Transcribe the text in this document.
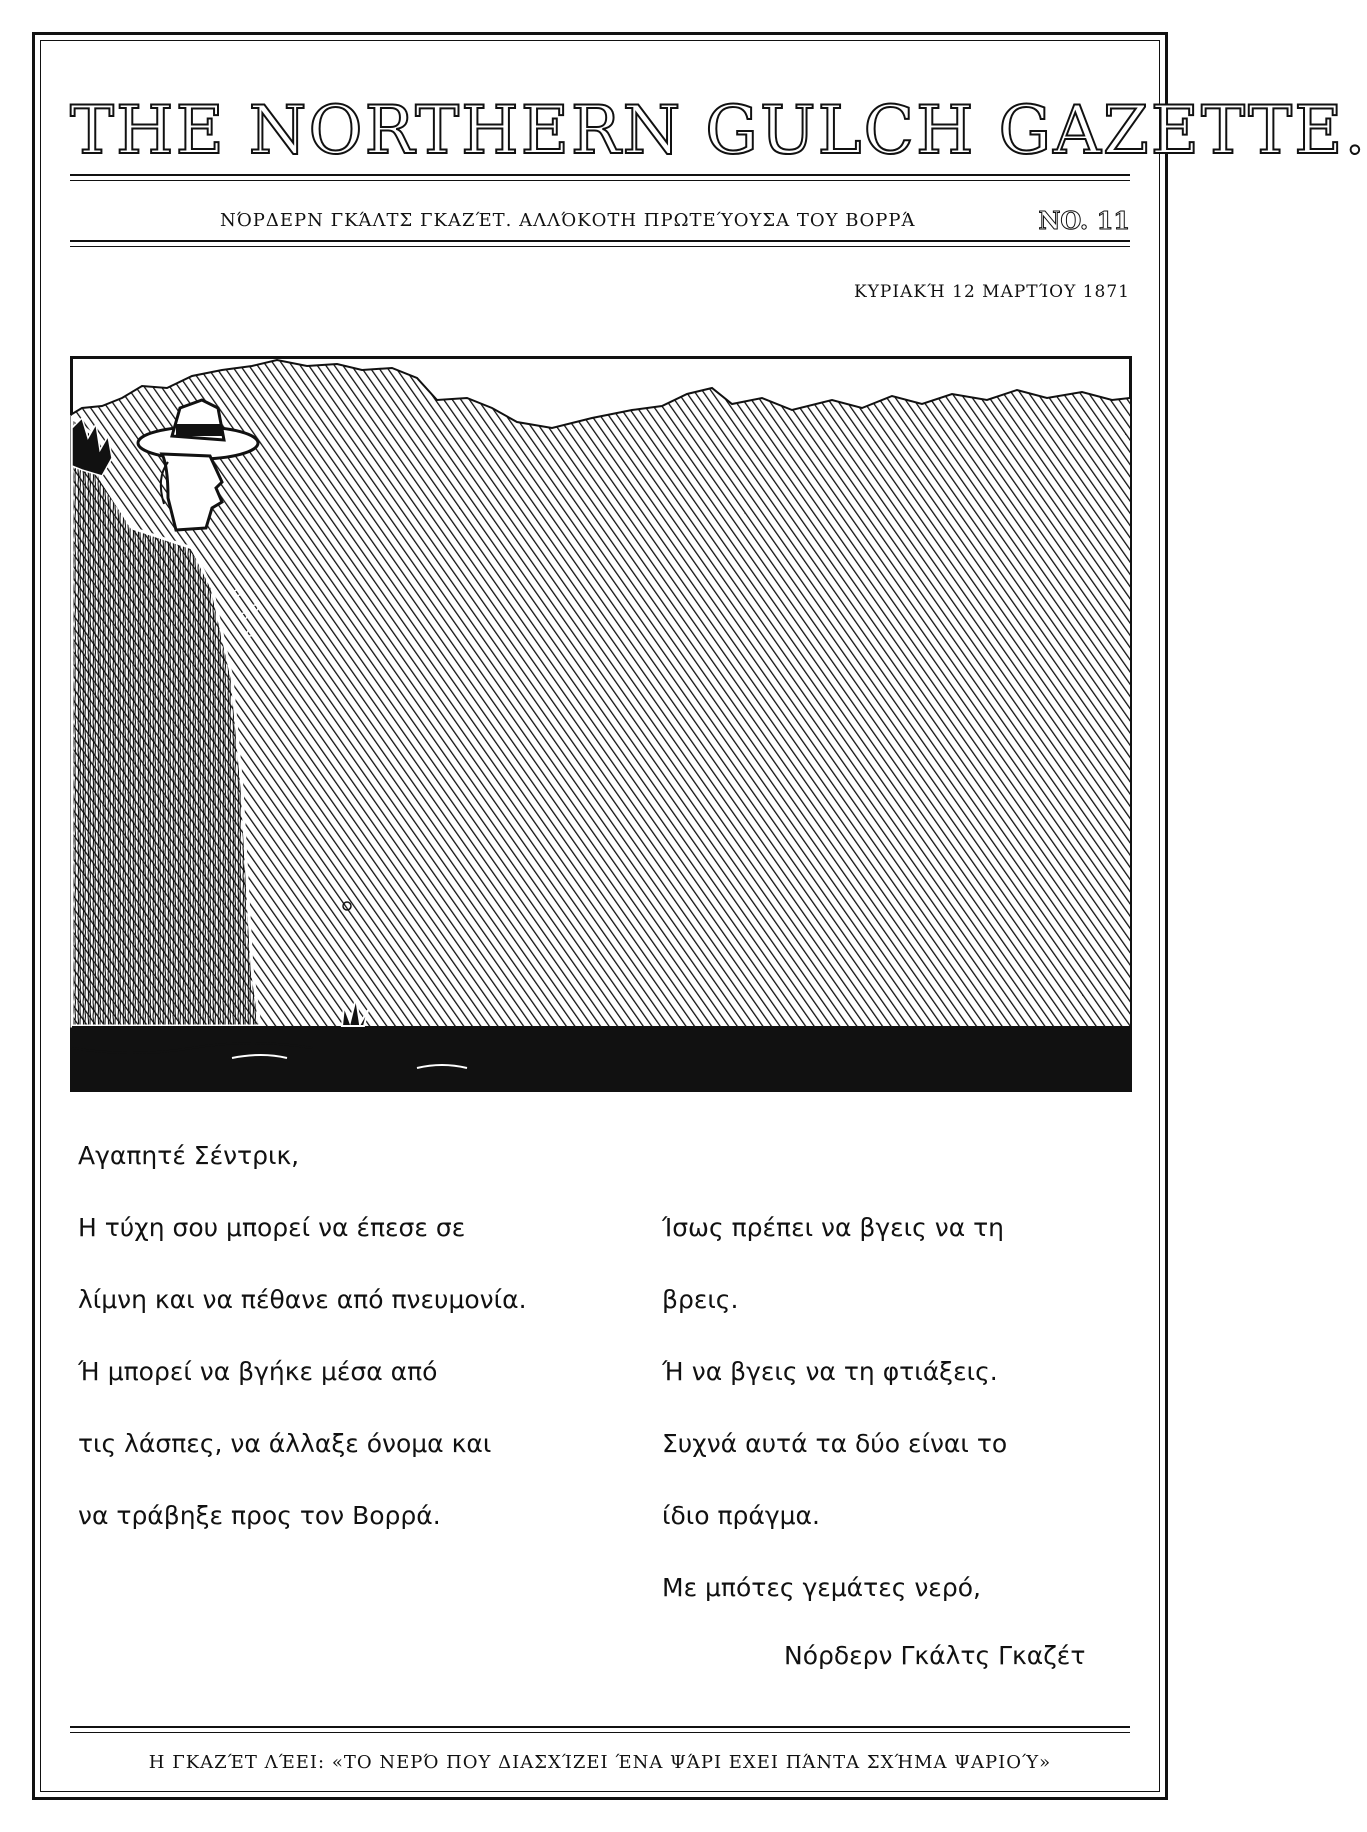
THE NORTHERN GULCH GAZETTE.
ΝΌΡΔΕΡΝ ΓΚΆΛΤΣ ΓΚΑΖΈΤ. ΑΛΛΌΚΟΤΗ ΠΡΩΤΕΎΟΥΣΑ ΤΟΥ ΒΟΡΡΆ	NO. 11
ΚΥΡΙΑΚΉ 12 ΜΑΡΤΊΟΥ 1871
Αγαπητέ Σέντρικ,
Η τύχη σου μπορεί να έπεσε σε
λίμνη και να πέθανε από πνευμονία.
Ή μπορεί να βγήκε μέσα από
τις λάσπες, να άλλαξε όνομα και
να τράβηξε προς τον Βορρά.
Ίσως πρέπει να βγεις να τη
βρεις.
Ή να βγεις να τη φτιάξεις.
Συχνά αυτά τα δύο είναι το
ίδιο πράγμα.
Με μπότες γεμάτες νερό,
Νόρδερν Γκάλτς Γκαζέτ
Η ΓΚΑΖΈΤ ΛΈΕΙ: «ΤΟ ΝΕΡΌ ΠΟΥ ΔΙΑΣΧΊΖΕΙ ΈΝΑ ΨΆΡΙ ΕΧΕΙ ΠΆΝΤΑ ΣΧΉΜΑ ΨΑΡΙΟΎ»
